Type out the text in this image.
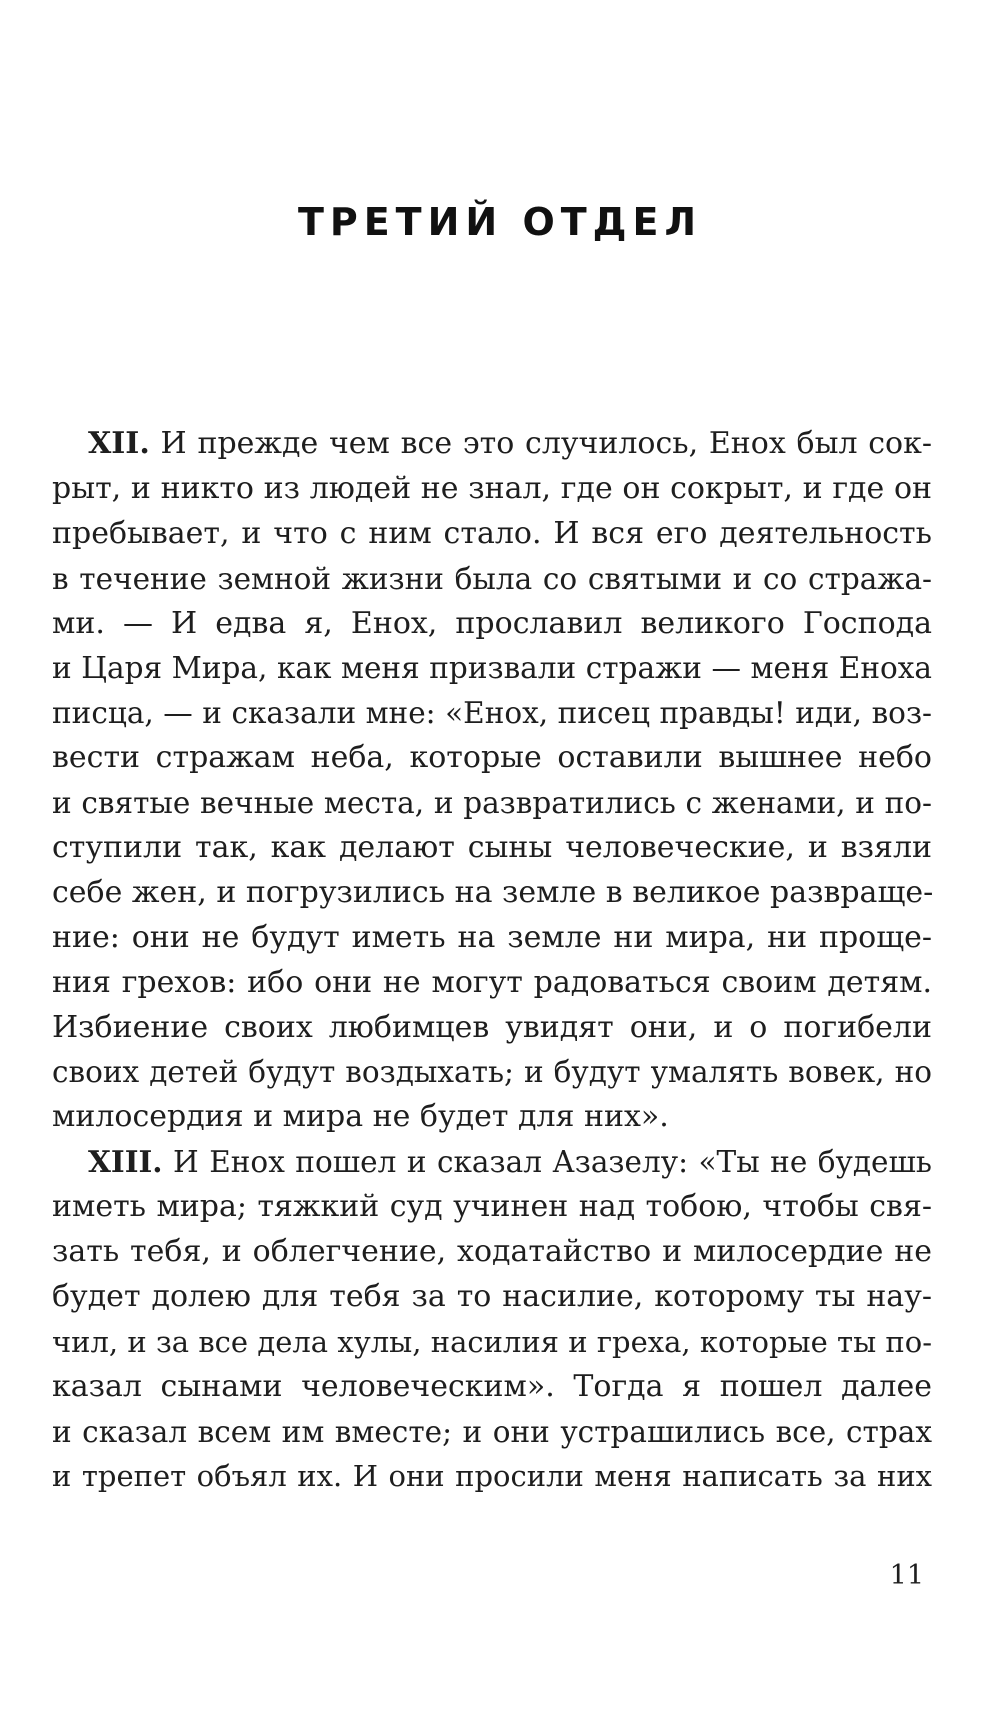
ТРЕТИЙ ОТДЕЛ
XII. И прежде чем все это случилось, Енох был сок-
рыт, и никто из людей не знал, где он сокрыт, и где он
пребывает, и что с ним стало. И вся его деятельность
в течение земной жизни была со святыми и со стража-
ми. — И едва я, Енох, прославил великого Господа
и Царя Мира, как меня призвали стражи — меня Еноха
писца, — и сказали мне: «Енох, писец правды! иди, воз-
вести стражам неба, которые оставили вышнее небо
и святые вечные места, и развратились с женами, и по-
ступили так, как делают сыны человеческие, и взяли
себе жен, и погрузились на земле в великое развраще-
ние: они не будут иметь на земле ни мира, ни проще-
ния грехов: ибо они не могут радоваться своим детям.
Избиение своих любимцев увидят они, и о погибели
своих детей будут воздыхать; и будут умалять вовек, но
милосердия и мира не будет для них».
XIII. И Енох пошел и сказал Азазелу: «Ты не будешь
иметь мира; тяжкий суд учинен над тобою, чтобы свя-
зать тебя, и облегчение, ходатайство и милосердие не
будет долею для тебя за то насилие, которому ты нау-
чил, и за все дела хулы, насилия и греха, которые ты по-
казал сынами человеческим». Тогда я пошел далее
и сказал всем им вместе; и они устрашились все, страх
и трепет объял их. И они просили меня написать за них
11
